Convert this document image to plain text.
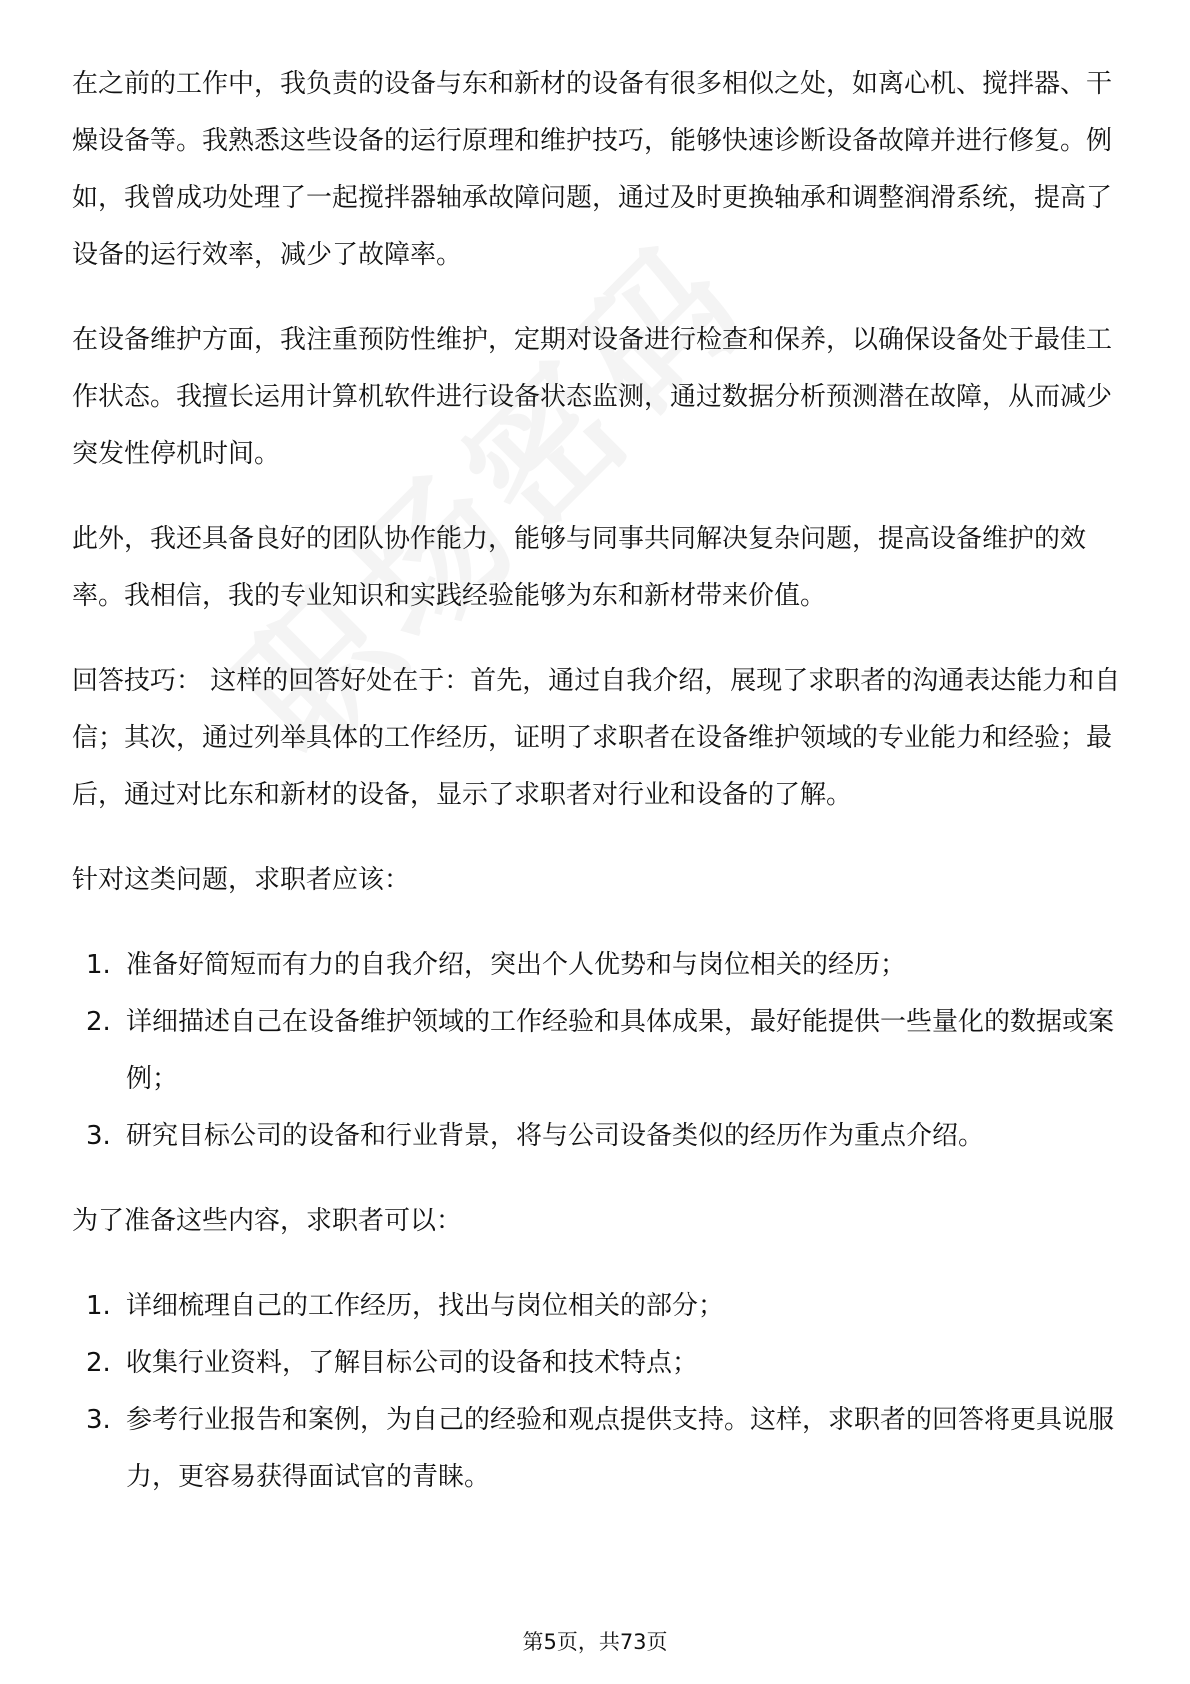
在之前的工作中，我负责的设备与东和新材的设备有很多相似之处，如离心机、搅拌器、干燥设备等。我熟悉这些设备的运行原理和维护技巧，能够快速诊断设备故障并进行修复。例如，我曾成功处理了一起搅拌器轴承故障问题，通过及时更换轴承和调整润滑系统，提高了设备的运行效率，减少了故障率。

在设备维护方面，我注重预防性维护，定期对设备进行检查和保养，以确保设备处于最佳工作状态。我擅长运用计算机软件进行设备状态监测，通过数据分析预测潜在故障，从而减少突发性停机时间。

此外，我还具备良好的团队协作能力，能够与同事共同解决复杂问题，提高设备维护的效率。我相信，我的专业知识和实践经验能够为东和新材带来价值。

回答技巧： 这样的回答好处在于：首先，通过自我介绍，展现了求职者的沟通表达能力和自信；其次，通过列举具体的工作经历，证明了求职者在设备维护领域的专业能力和经验；最后，通过对比东和新材的设备，显示了求职者对行业和设备的了解。

针对这类问题，求职者应该：

1. 准备好简短而有力的自我介绍，突出个人优势和与岗位相关的经历；
2. 详细描述自己在设备维护领域的工作经验和具体成果，最好能提供一些量化的数据或案例；
3. 研究目标公司的设备和行业背景，将与公司设备类似的经历作为重点介绍。

为了准备这些内容，求职者可以：

1. 详细梳理自己的工作经历，找出与岗位相关的部分；
2. 收集行业资料，了解目标公司的设备和技术特点；
3. 参考行业报告和案例，为自己的经验和观点提供支持。这样，求职者的回答将更具说服力，更容易获得面试官的青睐。
第5页，共73页
